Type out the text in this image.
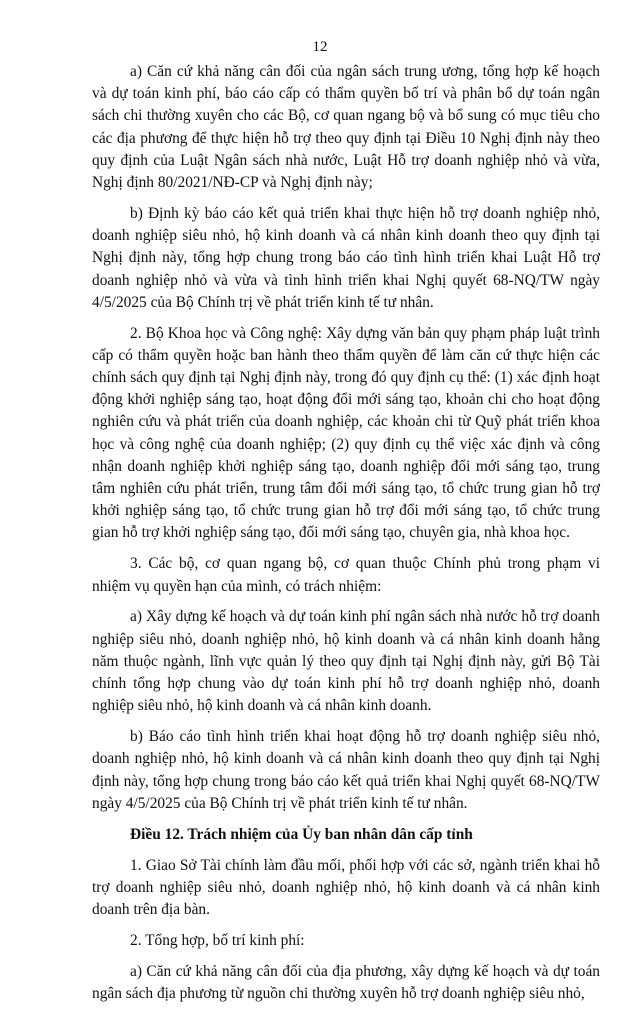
12

a) Căn cứ khả năng cân đối của ngân sách trung ương, tổng hợp kế hoạch và dự toán kinh phí, báo cáo cấp có thẩm quyền bố trí và phân bổ dự toán ngân sách chi thường xuyên cho các Bộ, cơ quan ngang bộ và bổ sung có mục tiêu cho các địa phương để thực hiện hỗ trợ theo quy định tại Điều 10 Nghị định này theo quy định của Luật Ngân sách nhà nước, Luật Hỗ trợ doanh nghiệp nhỏ và vừa, Nghị định 80/2021/NĐ-CP và Nghị định này;

b) Định kỳ báo cáo kết quả triển khai thực hiện hỗ trợ doanh nghiệp nhỏ, doanh nghiệp siêu nhỏ, hộ kinh doanh và cá nhân kinh doanh theo quy định tại Nghị định này, tổng hợp chung trong báo cáo tình hình triển khai Luật Hỗ trợ doanh nghiệp nhỏ và vừa và tình hình triển khai Nghị quyết 68-NQ/TW ngày 4/5/2025 của Bộ Chính trị về phát triển kinh tế tư nhân.

2. Bộ Khoa học và Công nghệ: Xây dựng văn bản quy phạm pháp luật trình cấp có thẩm quyền hoặc ban hành theo thẩm quyền để làm căn cứ thực hiện các chính sách quy định tại Nghị định này, trong đó quy định cụ thể: (1) xác định hoạt động khởi nghiệp sáng tạo, hoạt động đổi mới sáng tạo, khoản chi cho hoạt động nghiên cứu và phát triển của doanh nghiệp, các khoản chi từ Quỹ phát triển khoa học và công nghệ của doanh nghiệp; (2) quy định cụ thể việc xác định và công nhận doanh nghiệp khởi nghiệp sáng tạo, doanh nghiệp đổi mới sáng tạo, trung tâm nghiên cứu phát triển, trung tâm đổi mới sáng tạo, tổ chức trung gian hỗ trợ khởi nghiệp sáng tạo, tổ chức trung gian hỗ trợ đổi mới sáng tạo, tổ chức trung gian hỗ trợ khởi nghiệp sáng tạo, đổi mới sáng tạo, chuyên gia, nhà khoa học.

3. Các bộ, cơ quan ngang bộ, cơ quan thuộc Chính phủ trong phạm vi nhiệm vụ quyền hạn của mình, có trách nhiệm:

a) Xây dựng kế hoạch và dự toán kinh phí ngân sách nhà nước hỗ trợ doanh nghiệp siêu nhỏ, doanh nghiệp nhỏ, hộ kinh doanh và cá nhân kinh doanh hằng năm thuộc ngành, lĩnh vực quản lý theo quy định tại Nghị định này, gửi Bộ Tài chính tổng hợp chung vào dự toán kinh phí hỗ trợ doanh nghiệp nhỏ, doanh nghiệp siêu nhỏ, hộ kinh doanh và cá nhân kinh doanh.

b) Báo cáo tình hình triển khai hoạt động hỗ trợ doanh nghiệp siêu nhỏ, doanh nghiệp nhỏ, hộ kinh doanh và cá nhân kinh doanh theo quy định tại Nghị định này, tổng hợp chung trong báo cáo kết quả triển khai Nghị quyết 68-NQ/TW ngày 4/5/2025 của Bộ Chính trị về phát triển kinh tế tư nhân.

Điều 12. Trách nhiệm của Ủy ban nhân dân cấp tỉnh

1. Giao Sở Tài chính làm đầu mối, phối hợp với các sở, ngành triển khai hỗ trợ doanh nghiệp siêu nhỏ, doanh nghiệp nhỏ, hộ kinh doanh và cá nhân kinh doanh trên địa bàn.

2. Tổng hợp, bố trí kinh phí:

a) Căn cứ khả năng cân đối của địa phương, xây dựng kế hoạch và dự toán ngân sách địa phương từ nguồn chi thường xuyên hỗ trợ doanh nghiệp siêu nhỏ,
